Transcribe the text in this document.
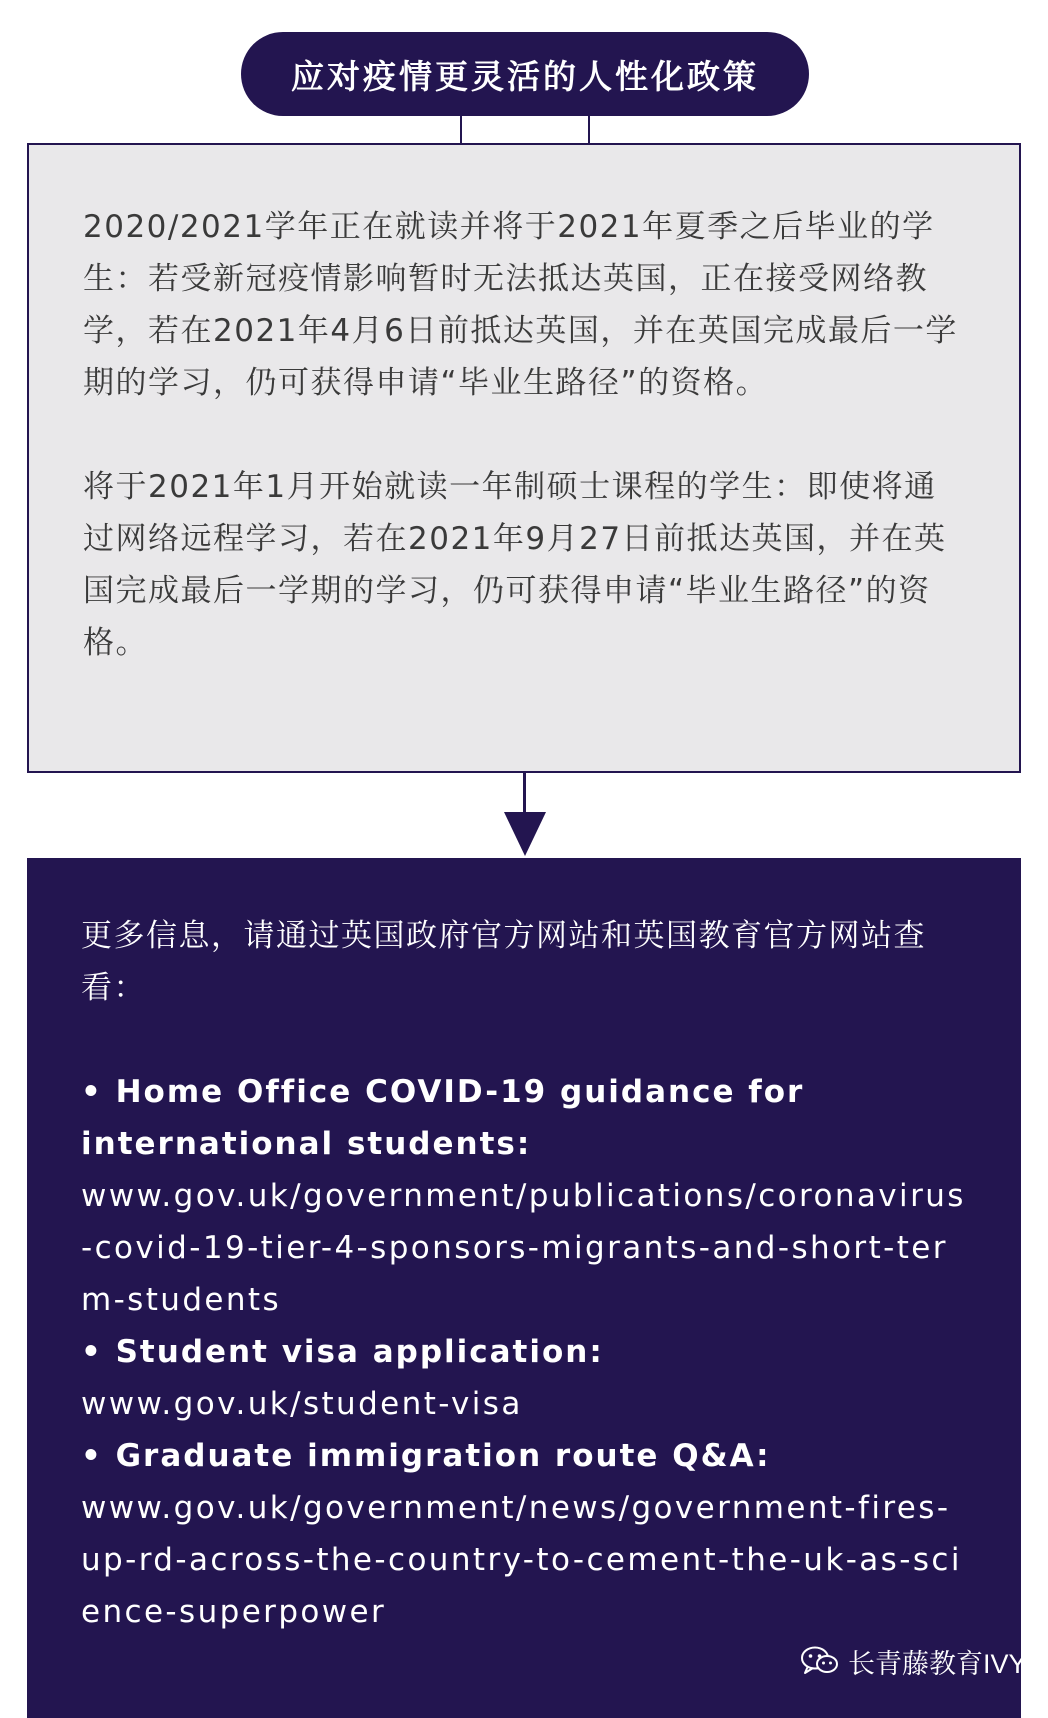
应对疫情更灵活的人性化政策

2020/2021学年正在就读并将于2021年夏季之后毕业的学生：若受新冠疫情影响暂时无法抵达英国，正在接受网络教学，若在2021年4月6日前抵达英国，并在英国完成最后一学期的学习，仍可获得申请“毕业生路径”的资格。

将于2021年1月开始就读一年制硕士课程的学生：即使将通过网络远程学习，若在2021年9月27日前抵达英国，并在英国完成最后一学期的学习，仍可获得申请“毕业生路径”的资格。

更多信息，请通过英国政府官方网站和英国教育官方网站查看：

• Home Office COVID-19 guidance for international students:
www.gov.uk/government/publications/coronavirus-covid-19-tier-4-sponsors-migrants-and-short-term-students
• Student visa application:
www.gov.uk/student-visa
• Graduate immigration route Q&A:
www.gov.uk/government/news/government-fires-up-rd-across-the-country-to-cement-the-uk-as-science-superpower
长青藤教育IVY
